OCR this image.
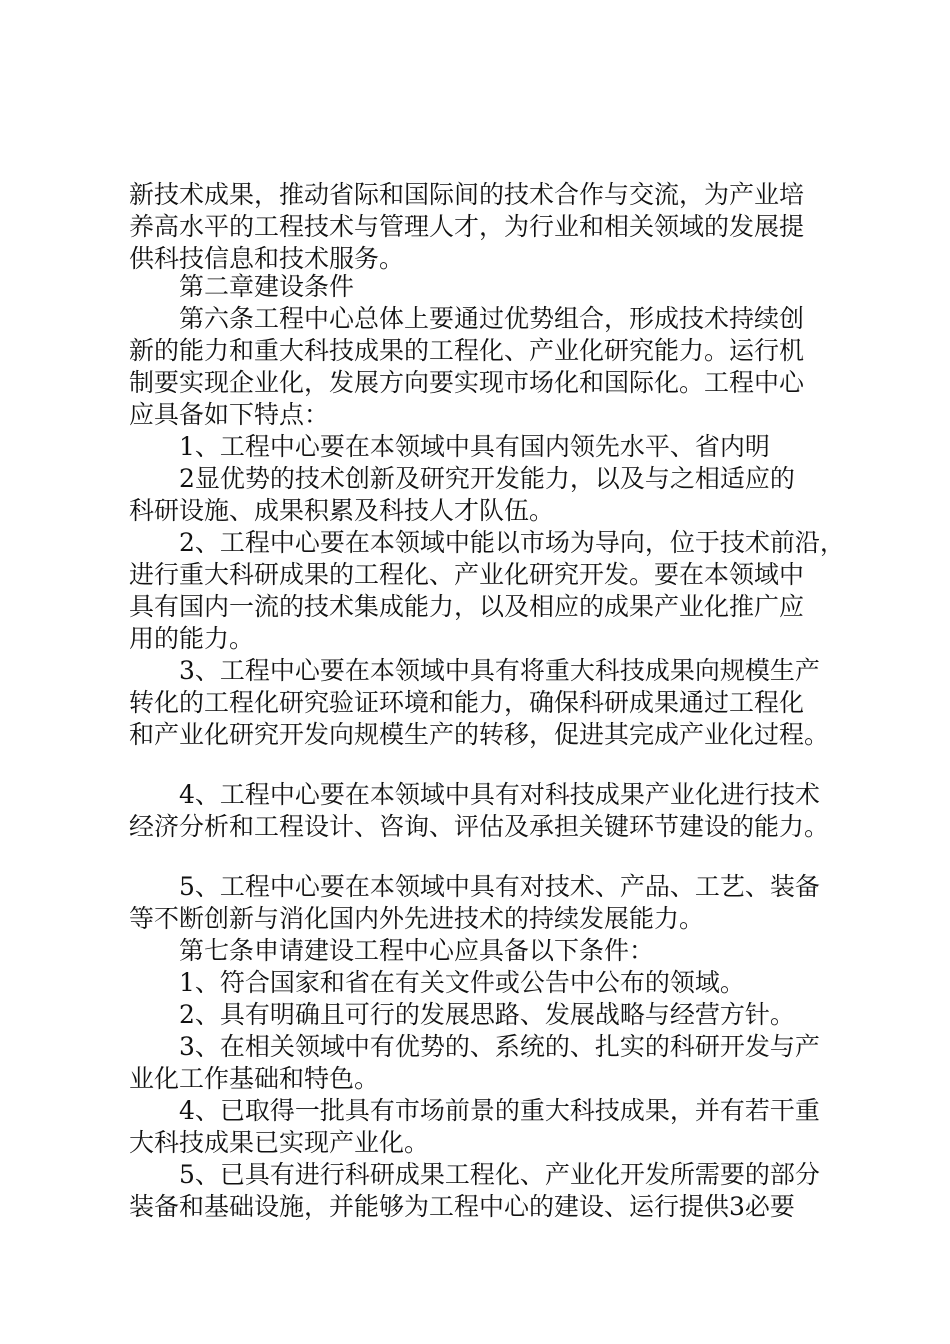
新技术成果，推动省际和国际间的技术合作与交流，为产业培
养高水平的工程技术与管理人才，为行业和相关领域的发展提
供科技信息和技术服务。
第二章建设条件
第六条工程中心总体上要通过优势组合，形成技术持续创
新的能力和重大科技成果的工程化、产业化研究能力。运行机
制要实现企业化，发展方向要实现市场化和国际化。工程中心
应具备如下特点：
1、工程中心要在本领域中具有国内领先水平、省内明
2显优势的技术创新及研究开发能力，以及与之相适应的
科研设施、成果积累及科技人才队伍。
2、工程中心要在本领域中能以市场为导向，位于技术前沿，
进行重大科研成果的工程化、产业化研究开发。要在本领域中
具有国内一流的技术集成能力，以及相应的成果产业化推广应
用的能力。
3、工程中心要在本领域中具有将重大科技成果向规模生产
转化的工程化研究验证环境和能力，确保科研成果通过工程化
和产业化研究开发向规模生产的转移，促进其完成产业化过程。
4、工程中心要在本领域中具有对科技成果产业化进行技术
经济分析和工程设计、咨询、评估及承担关键环节建设的能力。
5、工程中心要在本领域中具有对技术、产品、工艺、装备
等不断创新与消化国内外先进技术的持续发展能力。
第七条申请建设工程中心应具备以下条件：
1、符合国家和省在有关文件或公告中公布的领域。
2、具有明确且可行的发展思路、发展战略与经营方针。
3、在相关领域中有优势的、系统的、扎实的科研开发与产
业化工作基础和特色。
4、已取得一批具有市场前景的重大科技成果，并有若干重
大科技成果已实现产业化。
5、已具有进行科研成果工程化、产业化开发所需要的部分
装备和基础设施，并能够为工程中心的建设、运行提供3必要
